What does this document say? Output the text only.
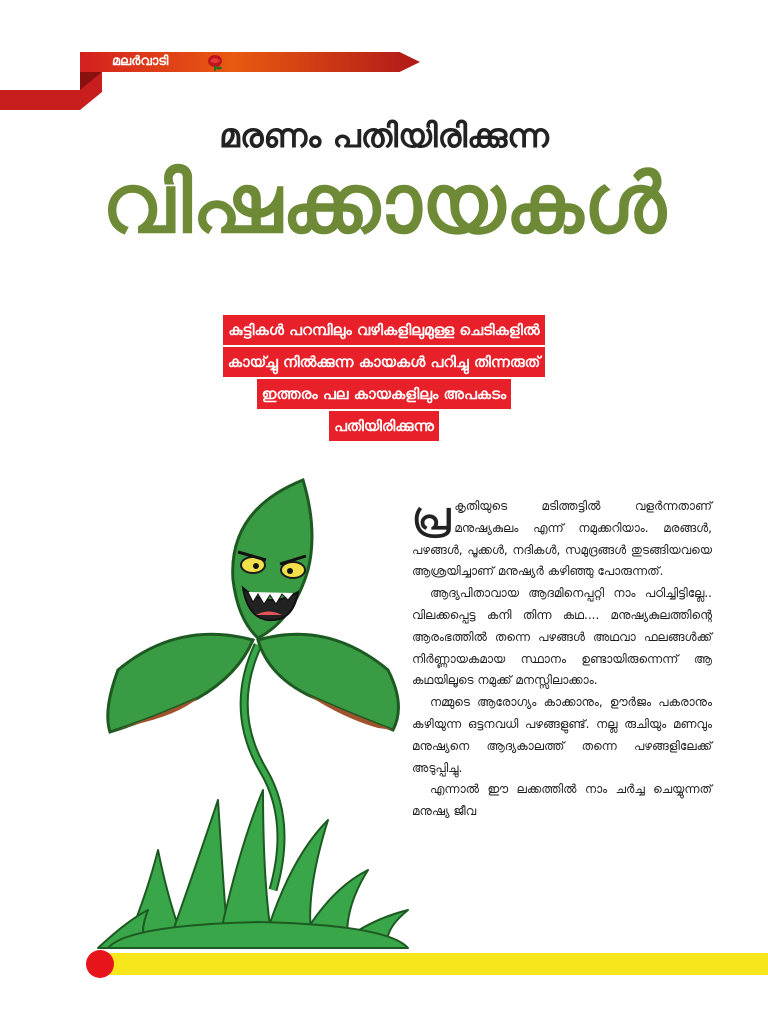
മലർവാടി
മരണം പതിയിരിക്കുന്ന
വിഷക്കായകൾ
കുട്ടികൾ പറമ്പിലും വഴികളിലുമുള്ള ചെടികളിൽ
കായ്ച്ചു നിൽക്കുന്ന കായകൾ പറിച്ചു തിന്നരുത്
ഇത്തരം പല കായകളിലും അപകടം
പതിയിരിക്കുന്നു

പ്ര കൃതിയുടെ മടിത്തട്ടിൽ വളർന്നതാണ് മനുഷ്യകുലം എന്ന് നമുക്കറിയാം. മരങ്ങൾ, പഴങ്ങൾ, പൂക്കൾ, നദികൾ, സമുദ്രങ്ങൾ തുടങ്ങിയവയെ ആശ്രയിച്ചാണ് മനുഷ്യർ കഴിഞ്ഞു പോരുന്നത്.

ആദ്യപിതാവായ ആദമിനെപ്പറ്റി നാം പഠിച്ചിട്ടില്ലേ.. വിലക്കപ്പെട്ട കനി തിന്ന കഥ.... മനുഷ്യകുലത്തിന്റെ ആരംഭത്തിൽ തന്നെ പഴങ്ങൾ അഥവാ ഫലങ്ങൾക്ക് നിർണ്ണായകമായ സ്ഥാനം ഉണ്ടായിരുന്നെന്ന് ആ കഥയിലൂടെ നമുക്ക് മനസ്സിലാക്കാം.

നമ്മുടെ ആരോഗ്യം കാക്കാനും, ഊർജം പകരാനും കഴിയുന്ന ഒട്ടനവധി പഴങ്ങളുണ്ട്. നല്ല രുചിയും മണവും മനുഷ്യനെ ആദ്യകാലത്ത് തന്നെ പഴങ്ങളിലേക്ക് അടുപ്പിച്ചു.

എന്നാൽ ഈ ലക്കത്തിൽ നാം ചർച്ച ചെയ്യുന്നത് മനുഷ്യ ജീവ
